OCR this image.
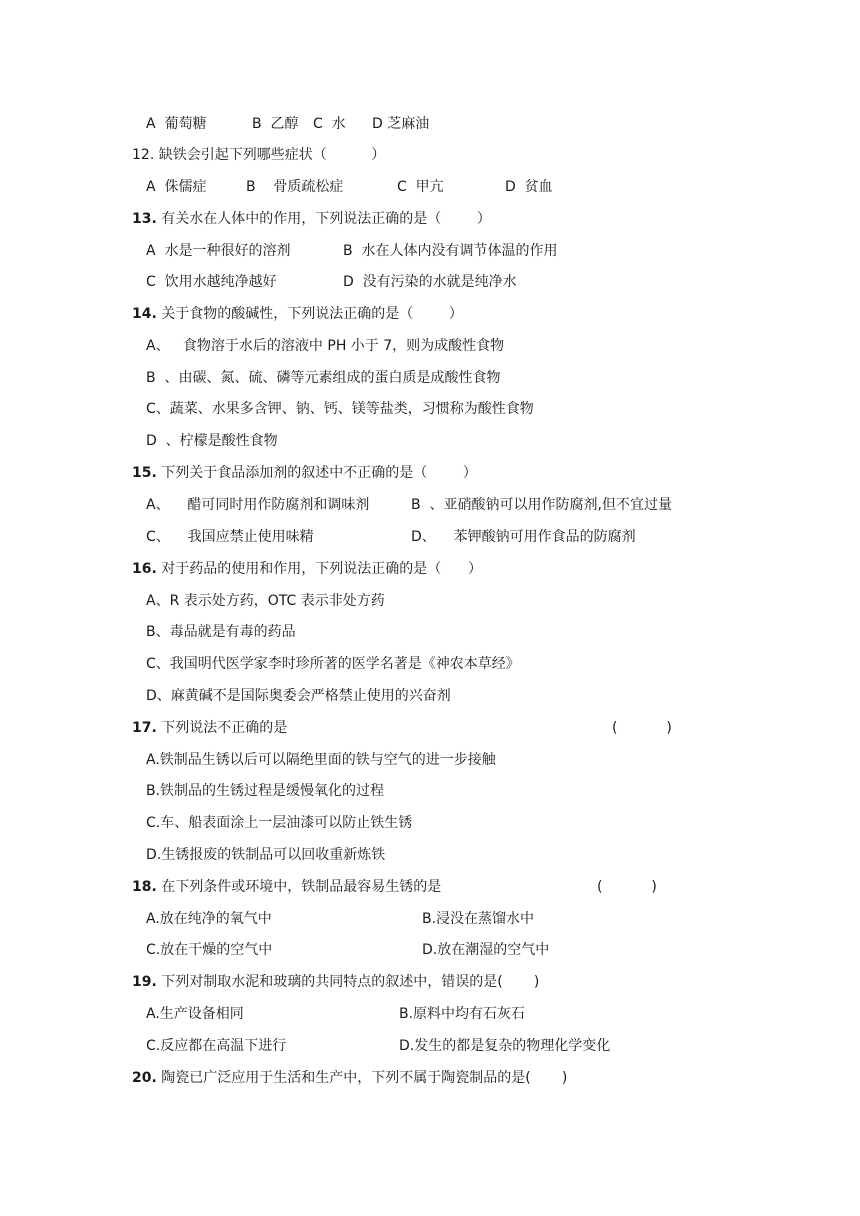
A  葡萄糖	B  乙醇 C  水 D 芝麻油
12. 缺铁会引起下列哪些症状（          ）
A  侏儒症	B    骨质疏松症	C  甲亢	D  贫血
13. 有关水在人体中的作用，下列说法正确的是（        ）
A  水是一种很好的溶剂	B  水在人体内没有调节体温的作用
C  饮用水越纯净越好	D  没有污染的水就是纯净水
14. 关于食物的酸碱性，下列说法正确的是（        ）
A、   食物溶于水后的溶液中 PH 小于 7，则为成酸性食物
B  、由碳、氮、硫、磷等元素组成的蛋白质是成酸性食物
C、蔬菜、水果多含钾、钠、钙、镁等盐类，习惯称为酸性食物
D  、柠檬是酸性食物
15. 下列关于食品添加剂的叙述中不正确的是（        ）
A、    醋可同时用作防腐剂和调味剂	B  、亚硝酸钠可以用作防腐剂,但不宜过量
C、    我国应禁止使用味精	D、    苯钾酸钠可用作食品的防腐剂
16. 对于药品的使用和作用，下列说法正确的是（      ）
A、R 表示处方药，OTC 表示非处方药
B、毒品就是有毒的药品
C、我国明代医学家李时珍所著的医学名著是《神农本草经》
D、麻黄碱不是国际奥委会严格禁止使用的兴奋剂
17. 下列说法不正确的是	(           )
A.铁制品生锈以后可以隔绝里面的铁与空气的进一步接触
B.铁制品的生锈过程是缓慢氧化的过程
C.车、船表面涂上一层油漆可以防止铁生锈
D.生锈报废的铁制品可以回收重新炼铁
18. 在下列条件或环境中，铁制品最容易生锈的是	(           )
A.放在纯净的氧气中	B.浸没在蒸馏水中
C.放在干燥的空气中	D.放在潮湿的空气中
19. 下列对制取水泥和玻璃的共同特点的叙述中，错误的是(       )
A.生产设备相同	B.原料中均有石灰石
C.反应都在高温下进行	D.发生的都是复杂的物理化学变化
20. 陶瓷已广泛应用于生活和生产中，下列不属于陶瓷制品的是(       )
